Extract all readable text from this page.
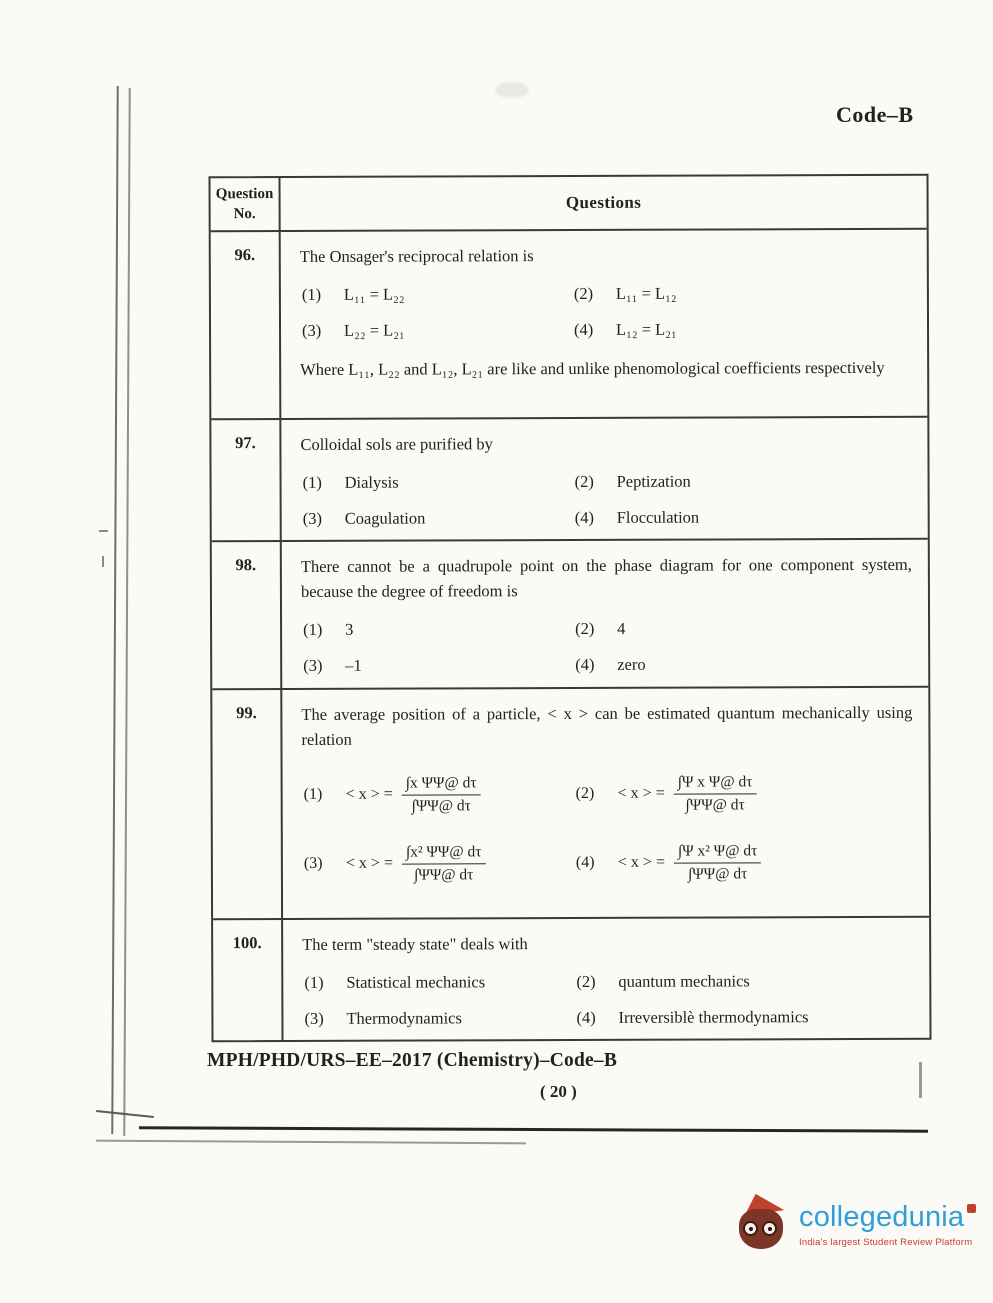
Code–B
Question
No.
Questions
96.	The Onsager's reciprocal relation is
(1)	L₁₁ = L₂₂	(2)	L₁₁ = L₁₂
(3)	L₂₂ = L₂₁	(4)	L₁₂ = L₂₁
Where L₁₁, L₂₂ and L₁₂, L₂₁ are like and unlike phenomological coefficients respectively
97.	Colloidal sols are purified by
(1)	Dialysis	(2)	Peptization
(3)	Coagulation	(4)	Flocculation
98.	There cannot be a quadrupole point on the phase diagram for one component system, because the degree of freedom is
(1)	3	(2)	4
(3)	–1	(4)	zero
99.	The average position of a particle, < x > can be estimated quantum mechanically using relation
(1)	< x > = $\frac{\text{∫x ΨΨ@ dτ}}{\int\Psi\Psi@ d\tau}$	(2)	< x > = $\frac{\text{∫Ψ x Ψ@ dτ}}{\int\Psi\Psi@ d\tau}$
(3)	< x > = $\frac{\text{∫x² ΨΨ@ dτ}}{\int\Psi\Psi@ d\tau}$	(4)	< x > = $\frac{\text{∫Ψ x² Ψ@ dτ}}{\int\Psi\Psi@ d\tau}$
100.	The term "steady state" deals with
(1)	Statistical mechanics	(2)	quantum mechanics
(3)	Thermodynamics	(4)	Irreversiblè thermodynamics
MPH/PHD/URS–EE–2017 (Chemistry)–Code–B
( 20 )
collegedunia
India's largest Student Review Platform
